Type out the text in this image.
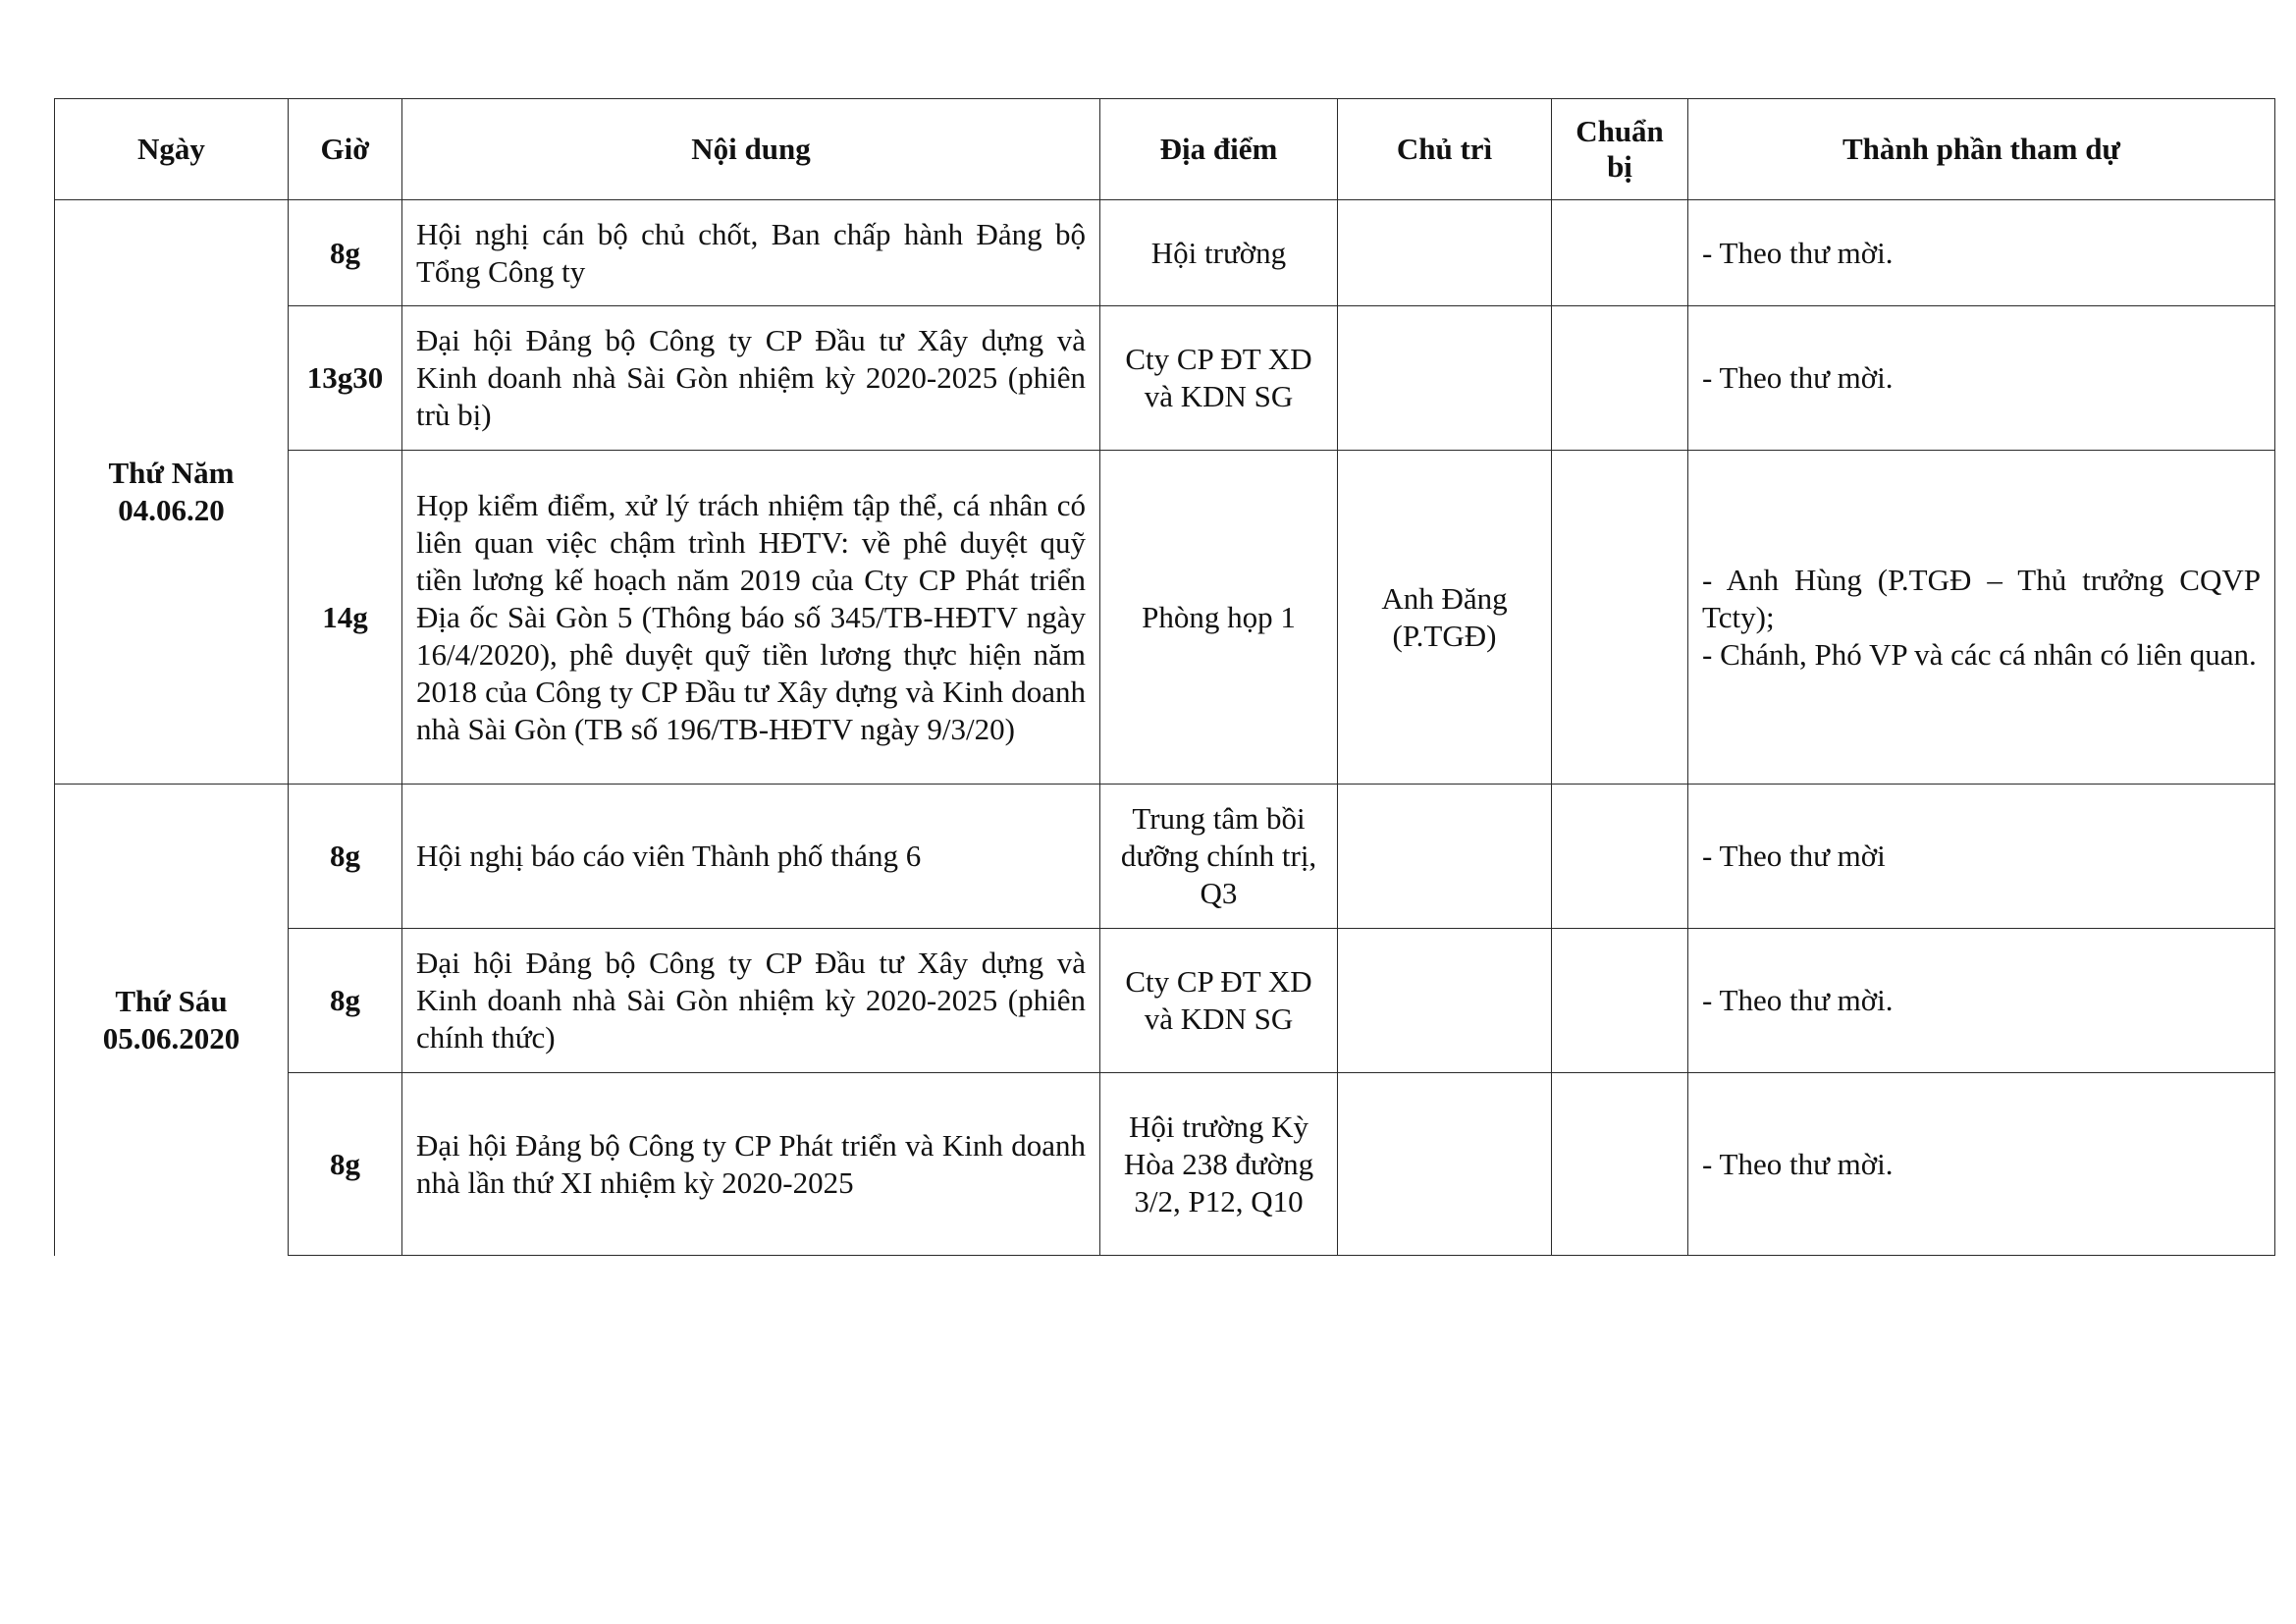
Ngày	Giờ	Nội dung	Địa điểm	Chủ trì	Chuẩn bị	Thành phần tham dự

Thứ Năm
04.06.20	8g	Hội nghị cán bộ chủ chốt, Ban chấp hành Đảng bộ Tổng Công ty	Hội trường			- Theo thư mời.

	13g30	Đại hội Đảng bộ Công ty CP Đầu tư Xây dựng và Kinh doanh nhà Sài Gòn nhiệm kỳ 2020-2025 (phiên trù bị)	Cty CP ĐT XD và KDN SG			- Theo thư mời.

	14g	Họp kiểm điểm, xử lý trách nhiệm tập thể, cá nhân có liên quan việc chậm trình HĐTV: về phê duyệt quỹ tiền lương kế hoạch năm 2019 của Cty CP Phát triển Địa ốc Sài Gòn 5 (Thông báo số 345/TB-HĐTV ngày 16/4/2020), phê duyệt quỹ tiền lương thực hiện năm 2018 của Công ty CP Đầu tư Xây dựng và Kinh doanh nhà Sài Gòn (TB số 196/TB-HĐTV ngày 9/3/20)	Phòng họp 1	Anh Đăng (P.TGĐ)		- Anh Hùng (P.TGĐ – Thủ trưởng CQVP Tcty);
- Chánh, Phó VP và các cá nhân có liên quan.

Thứ Sáu
05.06.2020	8g	Hội nghị báo cáo viên Thành phố tháng 6	Trung tâm bồi dưỡng chính trị, Q3			- Theo thư mời

	8g	Đại hội Đảng bộ Công ty CP Đầu tư Xây dựng và Kinh doanh nhà Sài Gòn nhiệm kỳ 2020-2025 (phiên chính thức)	Cty CP ĐT XD và KDN SG			- Theo thư mời.

	8g	Đại hội Đảng bộ Công ty CP Phát triển và Kinh doanh nhà lần thứ XI nhiệm kỳ 2020-2025	Hội trường Kỳ Hòa 238 đường 3/2, P12, Q10			- Theo thư mời.
